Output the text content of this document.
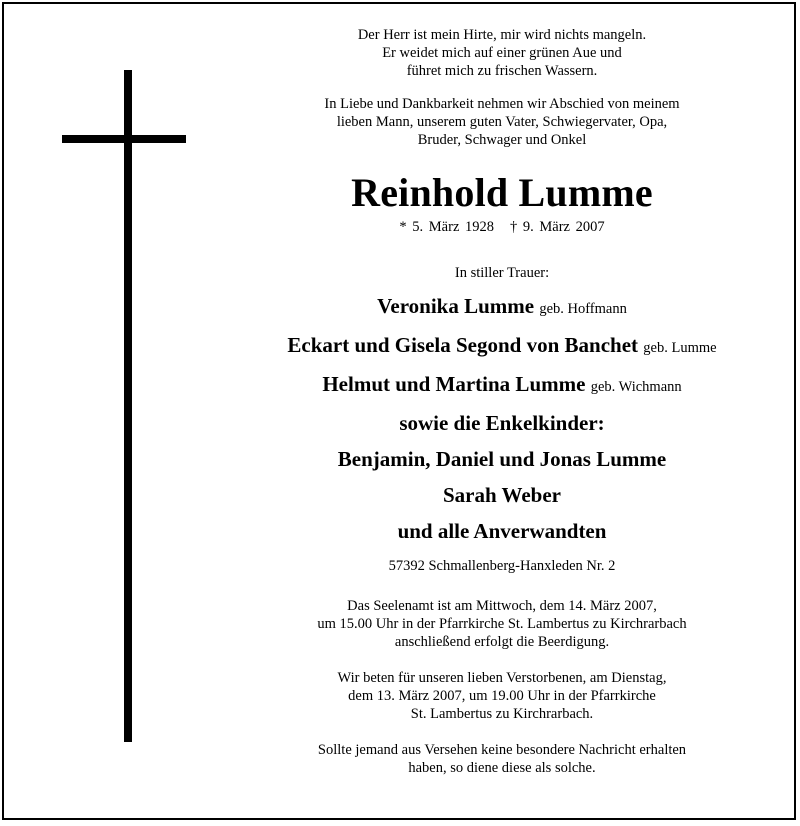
Der Herr ist mein Hirte, mir wird nichts mangeln.
Er weidet mich auf einer grünen Aue und
führet mich zu frischen Wassern.
In Liebe und Dankbarkeit nehmen wir Abschied von meinem
lieben Mann, unserem guten Vater, Schwiegervater, Opa,
Bruder, Schwager und Onkel
Reinhold Lumme
* 5. März 1928 † 9. März 2007
In stiller Trauer:
Veronika Lumme geb. Hoffmann
Eckart und Gisela Segond von Banchet geb. Lumme
Helmut und Martina Lumme geb. Wichmann
sowie die Enkelkinder:
Benjamin, Daniel und Jonas Lumme
Sarah Weber
und alle Anverwandten
57392 Schmallenberg-Hanxleden Nr. 2
Das Seelenamt ist am Mittwoch, dem 14. März 2007,
um 15.00 Uhr in der Pfarrkirche St. Lambertus zu Kirchrarbach
anschließend erfolgt die Beerdigung.
Wir beten für unseren lieben Verstorbenen, am Dienstag,
dem 13. März 2007, um 19.00 Uhr in der Pfarrkirche
St. Lambertus zu Kirchrarbach.
Sollte jemand aus Versehen keine besondere Nachricht erhalten
haben, so diene diese als solche.
